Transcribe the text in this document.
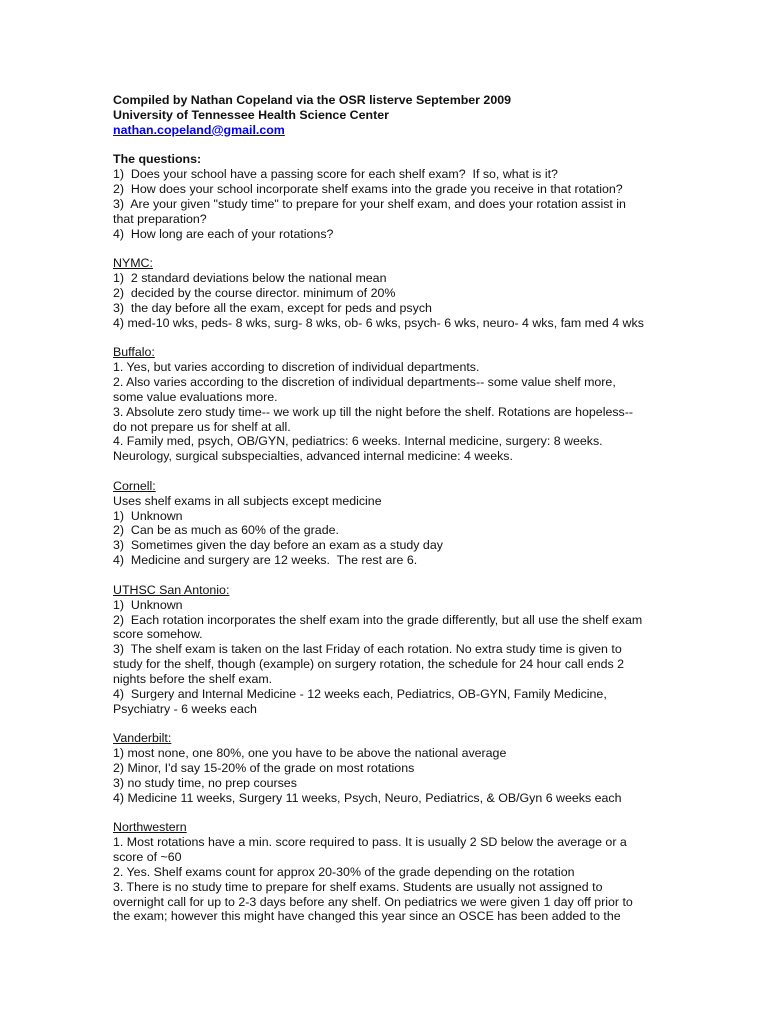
Compiled by Nathan Copeland via the OSR listerve September 2009
University of Tennessee Health Science Center
nathan.copeland@gmail.com
The questions:
1)  Does your school have a passing score for each shelf exam?  If so, what is it?
2)  How does your school incorporate shelf exams into the grade you receive in that rotation?
3)  Are your given "study time" to prepare for your shelf exam, and does your rotation assist in
that preparation?
4)  How long are each of your rotations?
NYMC:
1)  2 standard deviations below the national mean
2)  decided by the course director. minimum of 20%
3)  the day before all the exam, except for peds and psych
4) med-10 wks, peds- 8 wks, surg- 8 wks, ob- 6 wks, psych- 6 wks, neuro- 4 wks, fam med 4 wks
Buffalo:
1. Yes, but varies according to discretion of individual departments.
2. Also varies according to the discretion of individual departments-- some value shelf more,
some value evaluations more.
3. Absolute zero study time-- we work up till the night before the shelf. Rotations are hopeless--
do not prepare us for shelf at all.
4. Family med, psych, OB/GYN, pediatrics: 6 weeks. Internal medicine, surgery: 8 weeks.
Neurology, surgical subspecialties, advanced internal medicine: 4 weeks.
Cornell:
Uses shelf exams in all subjects except medicine
1)  Unknown
2)  Can be as much as 60% of the grade.
3)  Sometimes given the day before an exam as a study day
4)  Medicine and surgery are 12 weeks.  The rest are 6.
UTHSC San Antonio:
1)  Unknown
2)  Each rotation incorporates the shelf exam into the grade differently, but all use the shelf exam
score somehow.
3)  The shelf exam is taken on the last Friday of each rotation. No extra study time is given to
study for the shelf, though (example) on surgery rotation, the schedule for 24 hour call ends 2
nights before the shelf exam.
4)  Surgery and Internal Medicine - 12 weeks each, Pediatrics, OB-GYN, Family Medicine,
Psychiatry - 6 weeks each
Vanderbilt:
1) most none, one 80%, one you have to be above the national average
2) Minor, I'd say 15-20% of the grade on most rotations
3) no study time, no prep courses
4) Medicine 11 weeks, Surgery 11 weeks, Psych, Neuro, Pediatrics, & OB/Gyn 6 weeks each
Northwestern
1. Most rotations have a min. score required to pass. It is usually 2 SD below the average or a
score of ~60
2. Yes. Shelf exams count for approx 20-30% of the grade depending on the rotation
3. There is no study time to prepare for shelf exams. Students are usually not assigned to
overnight call for up to 2-3 days before any shelf. On pediatrics we were given 1 day off prior to
the exam; however this might have changed this year since an OSCE has been added to the
